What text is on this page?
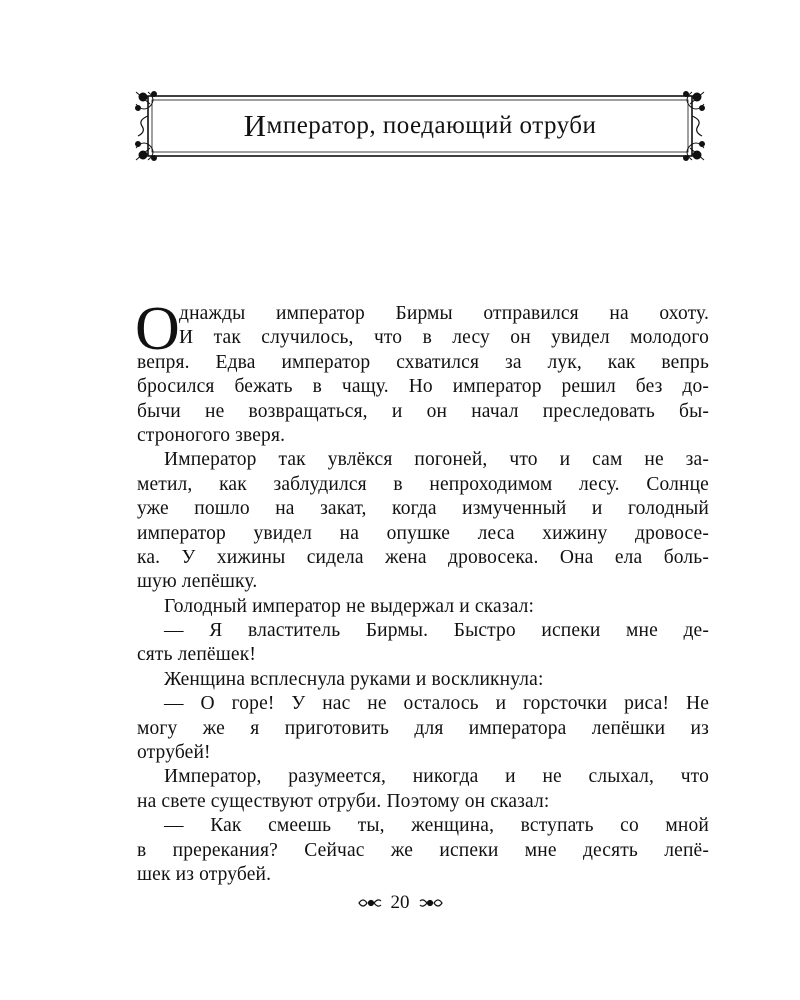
И мператор, поедающий отруби
О днажды император Бирмы отправился на охоту.
И так случилось, что в лесу он увидел молодого
вепря. Едва император схватился за лук, как вепрь
бросился бежать в чащу. Но император решил без до-
бычи не возвращаться, и он начал преследовать бы-
строногого зверя.
Император так увлёкся погоней, что и сам не за-
метил, как заблудился в непроходимом лесу. Солнце
уже пошло на закат, когда измученный и голодный
император увидел на опушке леса хижину дровосе-
ка. У хижины сидела жена дровосека. Она ела боль-
шую лепёшку.
Голодный император не выдержал и сказал:
— Я властитель Бирмы. Быстро испеки мне де-
сять лепёшек!
Женщина всплеснула руками и воскликнула:
— О горе! У нас не осталось и горсточки риса! Не
могу же я приготовить для императора лепёшки из
отрубей!
Император, разумеется, никогда и не слыхал, что
на свете существуют отруби. Поэтому он сказал:
— Как смеешь ты, женщина, вступать со мной
в пререкания? Сейчас же испеки мне десять лепё-
шек из отрубей.
20
